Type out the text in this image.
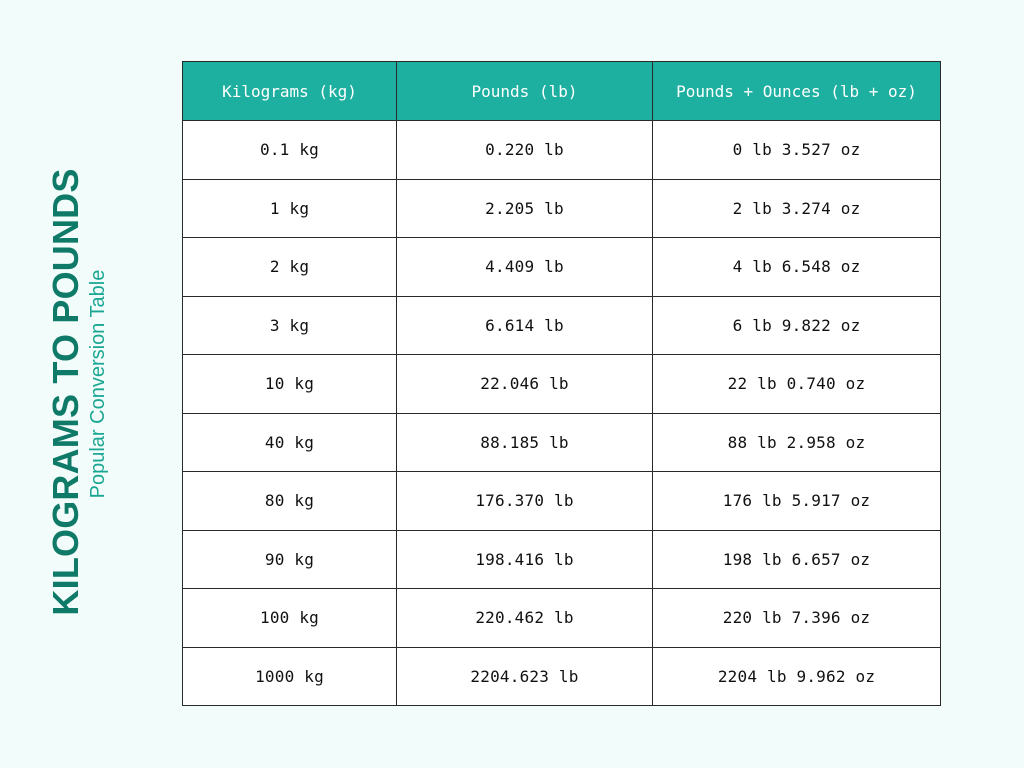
KILOGRAMS TO POUNDS Popular Conversion Table
Kilograms (kg)	Pounds (lb)	Pounds + Ounces (lb + oz)
0.1 kg	0.220 lb	0 lb 3.527 oz
1 kg	2.205 lb	2 lb 3.274 oz
2 kg	4.409 lb	4 lb 6.548 oz
3 kg	6.614 lb	6 lb 9.822 oz
10 kg	22.046 lb	22 lb 0.740 oz
40 kg	88.185 lb	88 lb 2.958 oz
80 kg	176.370 lb	176 lb 5.917 oz
90 kg	198.416 lb	198 lb 6.657 oz
100 kg	220.462 lb	220 lb 7.396 oz
1000 kg	2204.623 lb	2204 lb 9.962 oz
